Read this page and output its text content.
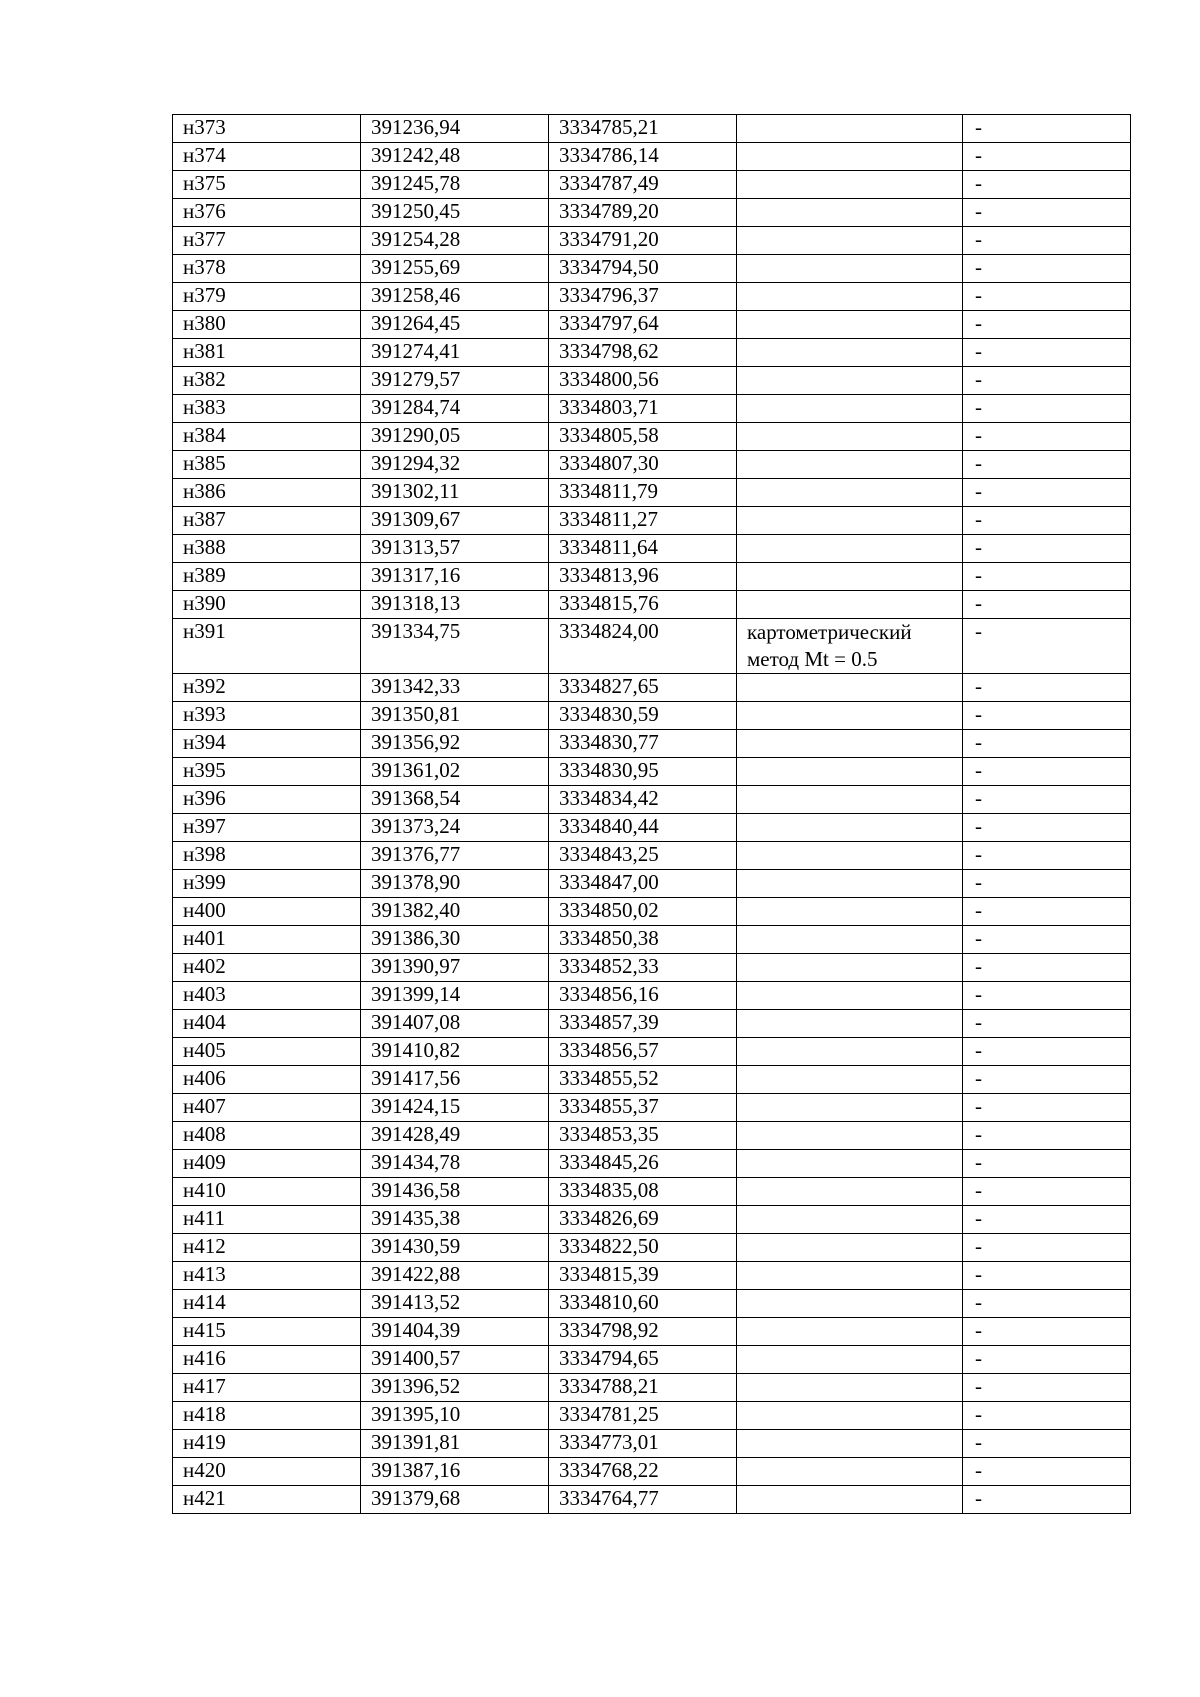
н373	391236,94	3334785,21		-
н374	391242,48	3334786,14		-
н375	391245,78	3334787,49		-
н376	391250,45	3334789,20		-
н377	391254,28	3334791,20		-
н378	391255,69	3334794,50		-
н379	391258,46	3334796,37		-
н380	391264,45	3334797,64		-
н381	391274,41	3334798,62		-
н382	391279,57	3334800,56		-
н383	391284,74	3334803,71		-
н384	391290,05	3334805,58		-
н385	391294,32	3334807,30		-
н386	391302,11	3334811,79		-
н387	391309,67	3334811,27		-
н388	391313,57	3334811,64		-
н389	391317,16	3334813,96		-
н390	391318,13	3334815,76		-
н391	391334,75	3334824,00	картометрический метод Mt = 0.5	-
н392	391342,33	3334827,65		-
н393	391350,81	3334830,59		-
н394	391356,92	3334830,77		-
н395	391361,02	3334830,95		-
н396	391368,54	3334834,42		-
н397	391373,24	3334840,44		-
н398	391376,77	3334843,25		-
н399	391378,90	3334847,00		-
н400	391382,40	3334850,02		-
н401	391386,30	3334850,38		-
н402	391390,97	3334852,33		-
н403	391399,14	3334856,16		-
н404	391407,08	3334857,39		-
н405	391410,82	3334856,57		-
н406	391417,56	3334855,52		-
н407	391424,15	3334855,37		-
н408	391428,49	3334853,35		-
н409	391434,78	3334845,26		-
н410	391436,58	3334835,08		-
н411	391435,38	3334826,69		-
н412	391430,59	3334822,50		-
н413	391422,88	3334815,39		-
н414	391413,52	3334810,60		-
н415	391404,39	3334798,92		-
н416	391400,57	3334794,65		-
н417	391396,52	3334788,21		-
н418	391395,10	3334781,25		-
н419	391391,81	3334773,01		-
н420	391387,16	3334768,22		-
н421	391379,68	3334764,77		-
